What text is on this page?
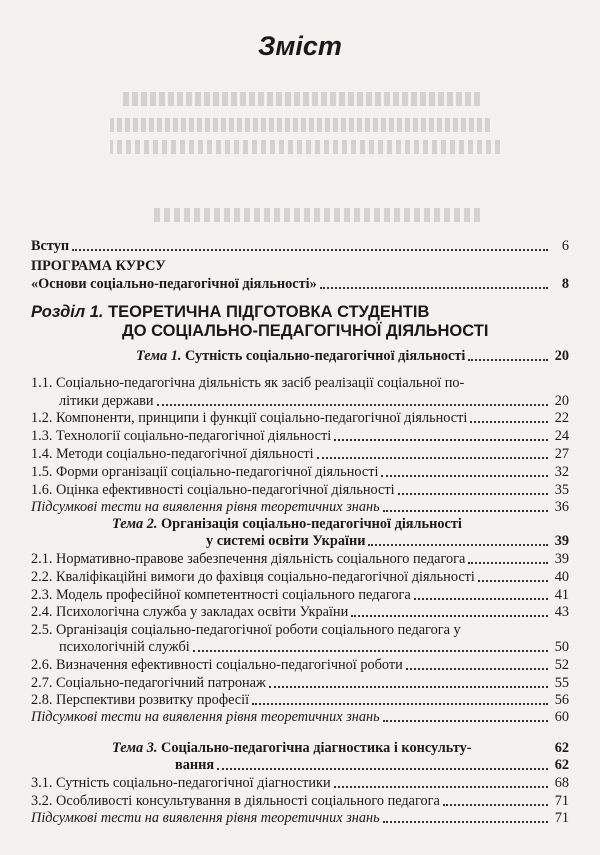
Зміст
Вступ	6
ПРОГРАМА КУРСУ
«Основи соціально-педагогічної діяльності»	8
Розділ 1. ТЕОРЕТИЧНА ПІДГОТОВКА СТУДЕНТІВ
ДО СОЦІАЛЬНО-ПЕДАГОГІЧНОЇ ДІЯЛЬНОСТІ
Тема 1. Сутність соціально-педагогічної діяльності	20
1.1. Соціально-педагогічна діяльність як засіб реалізації соціальної по-
літики держави	20
1.2. Компоненти, принципи і функції соціально-педагогічної діяльності	22
1.3. Технології соціально-педагогічної діяльності	24
1.4. Методи соціально-педагогічної діяльності	27
1.5. Форми організації соціально-педагогічної діяльності	32
1.6. Оцінка ефективності соціально-педагогічної діяльності	35
Підсумкові тести на виявлення рівня теоретичних знань	36
Тема 2. Організація соціально-педагогічної діяльності
у системі освіти України	39
2.1. Нормативно-правове забезпечення діяльність соціального педагога	39
2.2. Кваліфікаційні вимоги до фахівця соціально-педагогічної діяльності	40
2.3. Модель професійної компетентності соціального педагога	41
2.4. Психологічна служба у закладах освіти України	43
2.5. Організація соціально-педагогічної роботи соціального педагога у
психологічній службі	50
2.6. Визначення ефективності соціально-педагогічної роботи	52
2.7. Соціально-педагогічний патронаж	55
2.8. Перспективи розвитку професії	56
Підсумкові тести на виявлення рівня теоретичних знань	60
Тема 3. Соціально-педагогічна діагностика і консульту-	62
вання	62
3.1. Сутність соціально-педагогічної діагностики	68
3.2. Особливості консультування в діяльності соціального педагога	71
Підсумкові тести на виявлення рівня теоретичних знань	71
